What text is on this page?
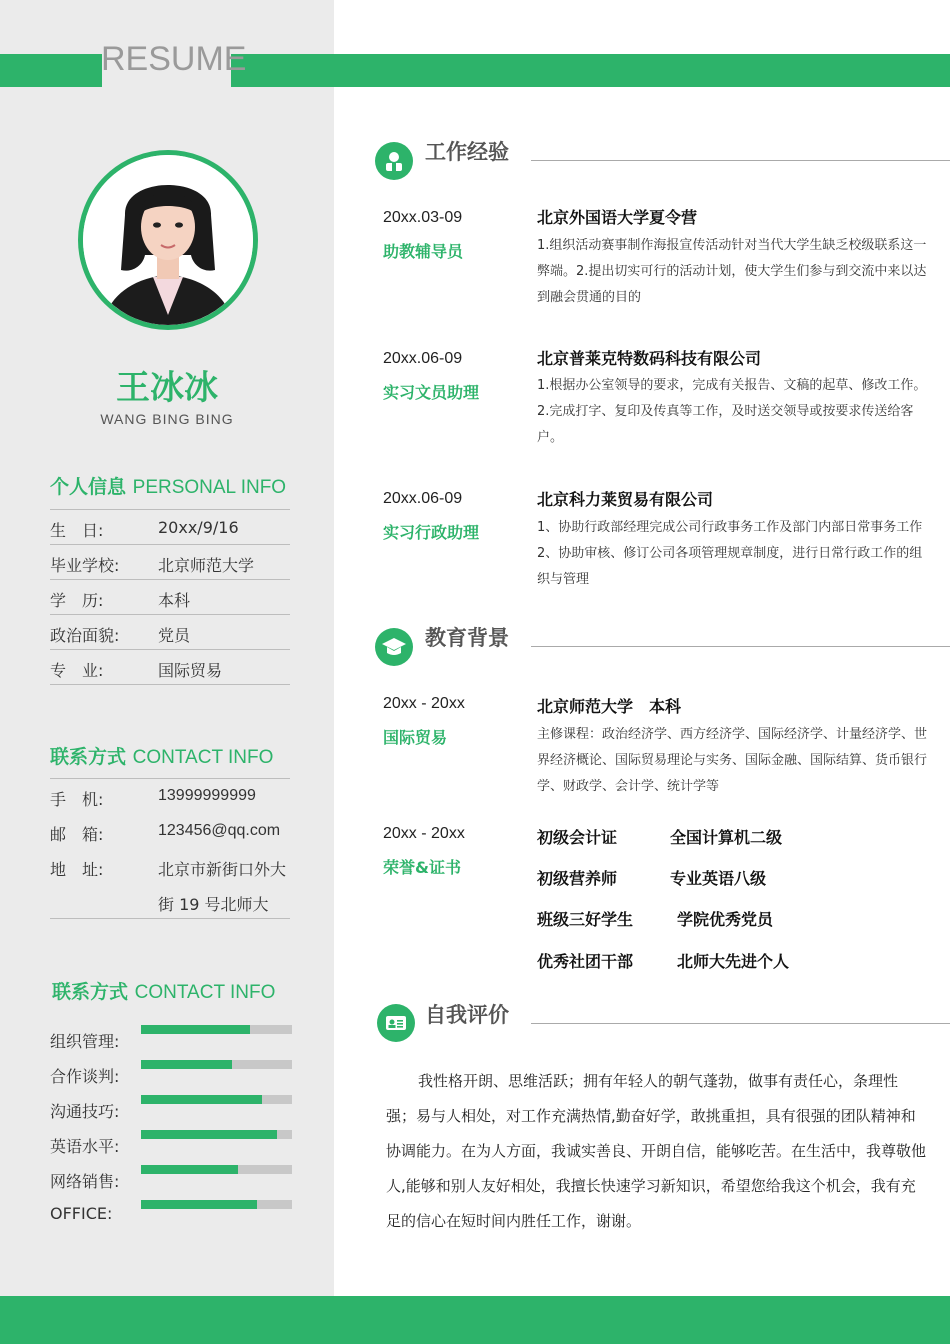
RESUME
王冰冰
WANG BING BING
个人信息 PERSONAL INFO
生　日:	20xx/9/16
毕业学校: 北京师范大学
学　历:	本科
政治面貌: 党员
专　业:	国际贸易
联系方式 CONTACT INFO
手　机:	13999999999
邮　箱:	123456@qq.com
地　址:	北京市新街口外大
街 19 号北师大
联系方式 CONTACT INFO
组织管理:
合作谈判:
沟通技巧:
英语水平:
网络销售:
OFFICE:
工作经验
20xx.03-09
助教辅导员
北京外国语大学夏令营
1.组织活动赛事制作海报宣传活动针对当代大学生缺乏校级联系这一弊端。2.提出切实可行的活动计划，使大学生们参与到交流中来以达到融会贯通的目的
20xx.06-09
实习文员助理
北京普莱克特数码科技有限公司
1.根据办公室领导的要求，完成有关报告、文稿的起草、修改工作。2.完成打字、复印及传真等工作，及时送交领导或按要求传送给客户。
20xx.06-09
实习行政助理
北京科力莱贸易有限公司
1、协助行政部经理完成公司行政事务工作及部门内部日常事务工作 2、协助审核、修订公司各项管理规章制度，进行日常行政工作的组织与管理
教育背景
20xx - 20xx
国际贸易
北京师范大学　本科
主修课程：政治经济学、西方经济学、国际经济学、计量经济学、世界经济概论、国际贸易理论与实务、国际金融、国际结算、货币银行学、财政学、会计学、统计学等
20xx - 20xx
荣誉&证书
初级会计证	全国计算机二级
初级营养师	专业英语八级
班级三好学生	学院优秀党员
优秀社团干部	北师大先进个人
自我评价
我性格开朗、思维活跃；拥有年轻人的朝气蓬勃，做事有责任心，条理性强；易与人相处，对工作充满热情,勤奋好学，敢挑重担，具有很强的团队精神和协调能力。在为人方面，我诚实善良、开朗自信，能够吃苦。在生活中，我尊敬他人,能够和别人友好相处，我擅长快速学习新知识，希望您给我这个机会，我有充足的信心在短时间内胜任工作，谢谢。
